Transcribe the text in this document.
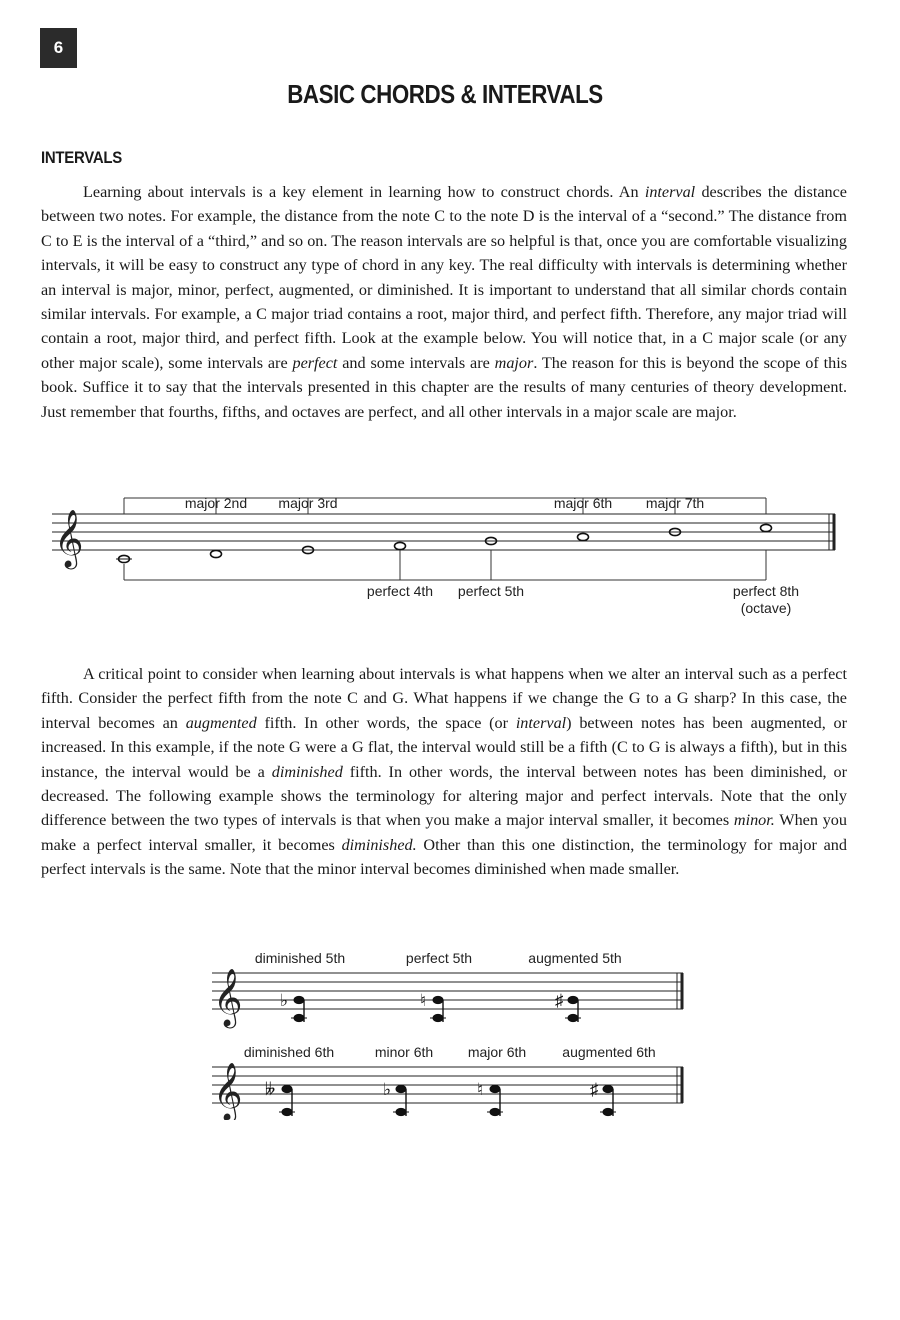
6
BASIC CHORDS & INTERVALS
INTERVALS

Learning about intervals is a key element in learning how to construct chords. An interval describes the distance between two notes. For example, the distance from the note C to the note D is the interval of a “second.” The distance from C to E is the interval of a “third,” and so on. The reason intervals are so helpful is that, once you are comfortable visualizing intervals, it will be easy to construct any type of chord in any key. The real difficulty with intervals is determining whether an interval is major, minor, perfect, augmented, or diminished. It is important to understand that all similar chords contain similar intervals. For example, a C major triad contains a root, major third, and perfect fifth. Therefore, any major triad will contain a root, major third, and perfect fifth. Look at the example below. You will notice that, in a C major scale (or any other major scale), some intervals are perfect and some intervals are major. The reason for this is beyond the scope of this book. Suffice it to say that the intervals presented in this chapter are the results of many centuries of theory development. Just remember that fourths, fifths, and octaves are perfect, and all other intervals in a major scale are major.

𝄞
major 2nd major 3rd	major 6th major 7th
perfect 4th perfect 5th	perfect 8th
(octave)

A critical point to consider when learning about intervals is what happens when we alter an interval such as a perfect fifth. Consider the perfect fifth from the note C and G. What happens if we change the G to a G sharp? In this case, the interval becomes an augmented fifth. In other words, the space (or interval) between notes has been augmented, or increased. In this example, if the note G were a G flat, the interval would still be a fifth (C to G is always a fifth), but in this instance, the interval would be a diminished fifth. In other words, the interval between notes has been diminished, or decreased. The following example shows the terminology for altering major and perfect intervals. Note that the only difference between the two types of intervals is that when you make a major interval smaller, it becomes minor. When you make a perfect interval smaller, it becomes diminished. Other than this one distinction, the terminology for major and perfect intervals is the same. Note that the minor interval becomes diminished when made smaller.

𝄞
diminished 5th	perfect 5th	augmented 5th
♭	♮	♯
𝄞
diminished 6th	minor 6th major 6th	augmented 6th
𝄫	♭	♮	♯
